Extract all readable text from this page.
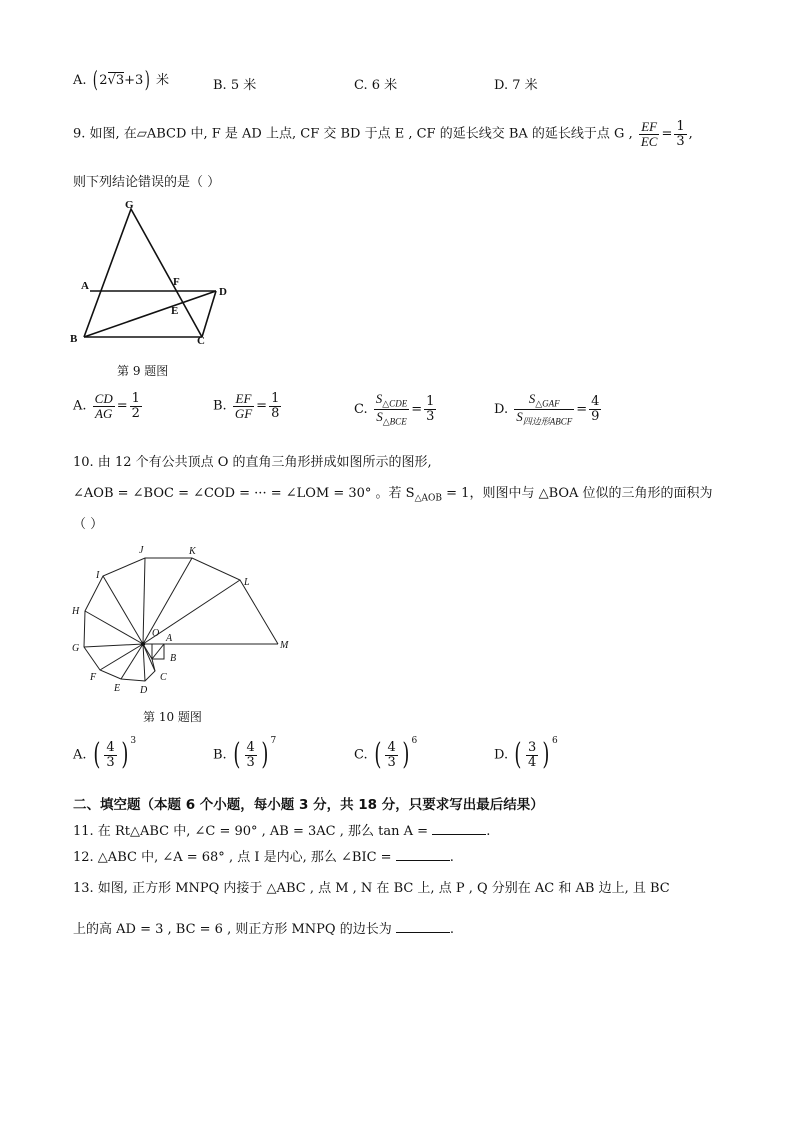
A. ( 2√3+3) 米	B. 5 米	C. 6 米	D. 7 米
9. 如图, 在▱ABCD 中, F 是 AD 上点, CF 交 BD 于点 E , CF 的延长线交 BA 的延长线于点 G , $\frac{EF}{EC} = \frac{1}{3}$ ,
则下列结论错误的是（ ）
G
A	F
D
E
B	C
第 9 题图
A. $\frac{CD}{AG} = \frac{1}{2}$	B. $\frac{EF}{GF} = \frac{1}{8}$	C. $\frac{S_{\triangle CDE}}{S_{\triangle BCE}} = \frac{1}{3}$	D. $\frac{S_{\triangle GAF}}{S_{四边形ABCF}} = \frac{4}{9}$
10. 由 12 个有公共顶点 O 的直角三角形拼成如图所示的图形,
∠AOB = ∠BOC = ∠COD = ··· = ∠LOM = 30° 。若 $S_{\triangle AOB} = 1$，则图中与 △BOA 位似的三角形的面积为
（ ）
J	K
I
L
H
O A
G	M
B
F	C
E D
第 10 题图
A. ( $\frac{4}{3}$ ) 3
B. ( $\frac{4}{3}$ ) 7
C. ( $\frac{4}{3}$ ) 6
D. ( $\frac{3}{4}$ ) 6
二、填空题（本题 6 个小题，每小题 3 分，共 18 分，只要求写出最后结果）
11. 在 Rt△ABC 中, ∠C = 90° , AB = 3AC , 那么 tan A =	.
12. △ABC 中, ∠A = 68° , 点 I 是内心, 那么 ∠BIC =	.
13. 如图, 正方形 MNPQ 内接于 △ABC , 点 M , N 在 BC 上, 点 P , Q 分别在 AC 和 AB 边上, 且 BC
上的高 AD = 3 , BC = 6 , 则正方形 MNPQ 的边长为	.
